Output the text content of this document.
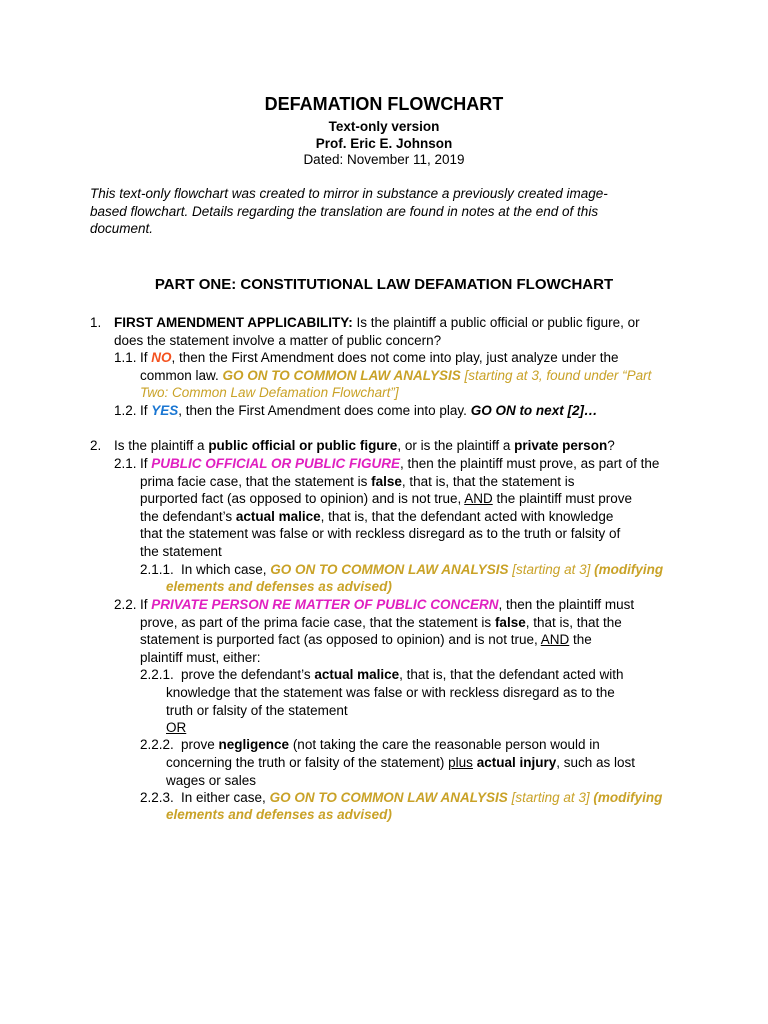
DEFAMATION FLOWCHART
Text-only version
Prof. Eric E. Johnson
Dated: November 11, 2019
This text-only flowchart was created to mirror in substance a previously created image-
based flowchart. Details regarding the translation are found in notes at the end of this
document.
PART ONE: CONSTITUTIONAL LAW DEFAMATION FLOWCHART
1. FIRST AMENDMENT APPLICABILITY: Is the plaintiff a public official or public figure, or
does the statement involve a matter of public concern?
1.1. If NO, then the First Amendment does not come into play, just analyze under the
common law. GO ON TO COMMON LAW ANALYSIS [starting at 3, found under “Part
Two: Common Law Defamation Flowchart”]
1.2. If YES, then the First Amendment does come into play. GO ON to next [2]…
2. Is the plaintiff a public official or public figure, or is the plaintiff a private person?
2.1. If PUBLIC OFFICIAL OR PUBLIC FIGURE, then the plaintiff must prove, as part of the
prima facie case, that the statement is false, that is, that the statement is
purported fact (as opposed to opinion) and is not true, AND the plaintiff must prove
the defendant’s actual malice, that is, that the defendant acted with knowledge
that the statement was false or with reckless disregard as to the truth or falsity of
the statement
2.1.1. In which case, GO ON TO COMMON LAW ANALYSIS [starting at 3] (modifying
elements and defenses as advised)
2.2. If PRIVATE PERSON RE MATTER OF PUBLIC CONCERN, then the plaintiff must
prove, as part of the prima facie case, that the statement is false, that is, that the
statement is purported fact (as opposed to opinion) and is not true, AND the
plaintiff must, either:
2.2.1. prove the defendant’s actual malice, that is, that the defendant acted with
knowledge that the statement was false or with reckless disregard as to the
truth or falsity of the statement
OR
2.2.2. prove negligence (not taking the care the reasonable person would in
concerning the truth or falsity of the statement) plus actual injury, such as lost
wages or sales
2.2.3. In either case, GO ON TO COMMON LAW ANALYSIS [starting at 3] (modifying
elements and defenses as advised)
